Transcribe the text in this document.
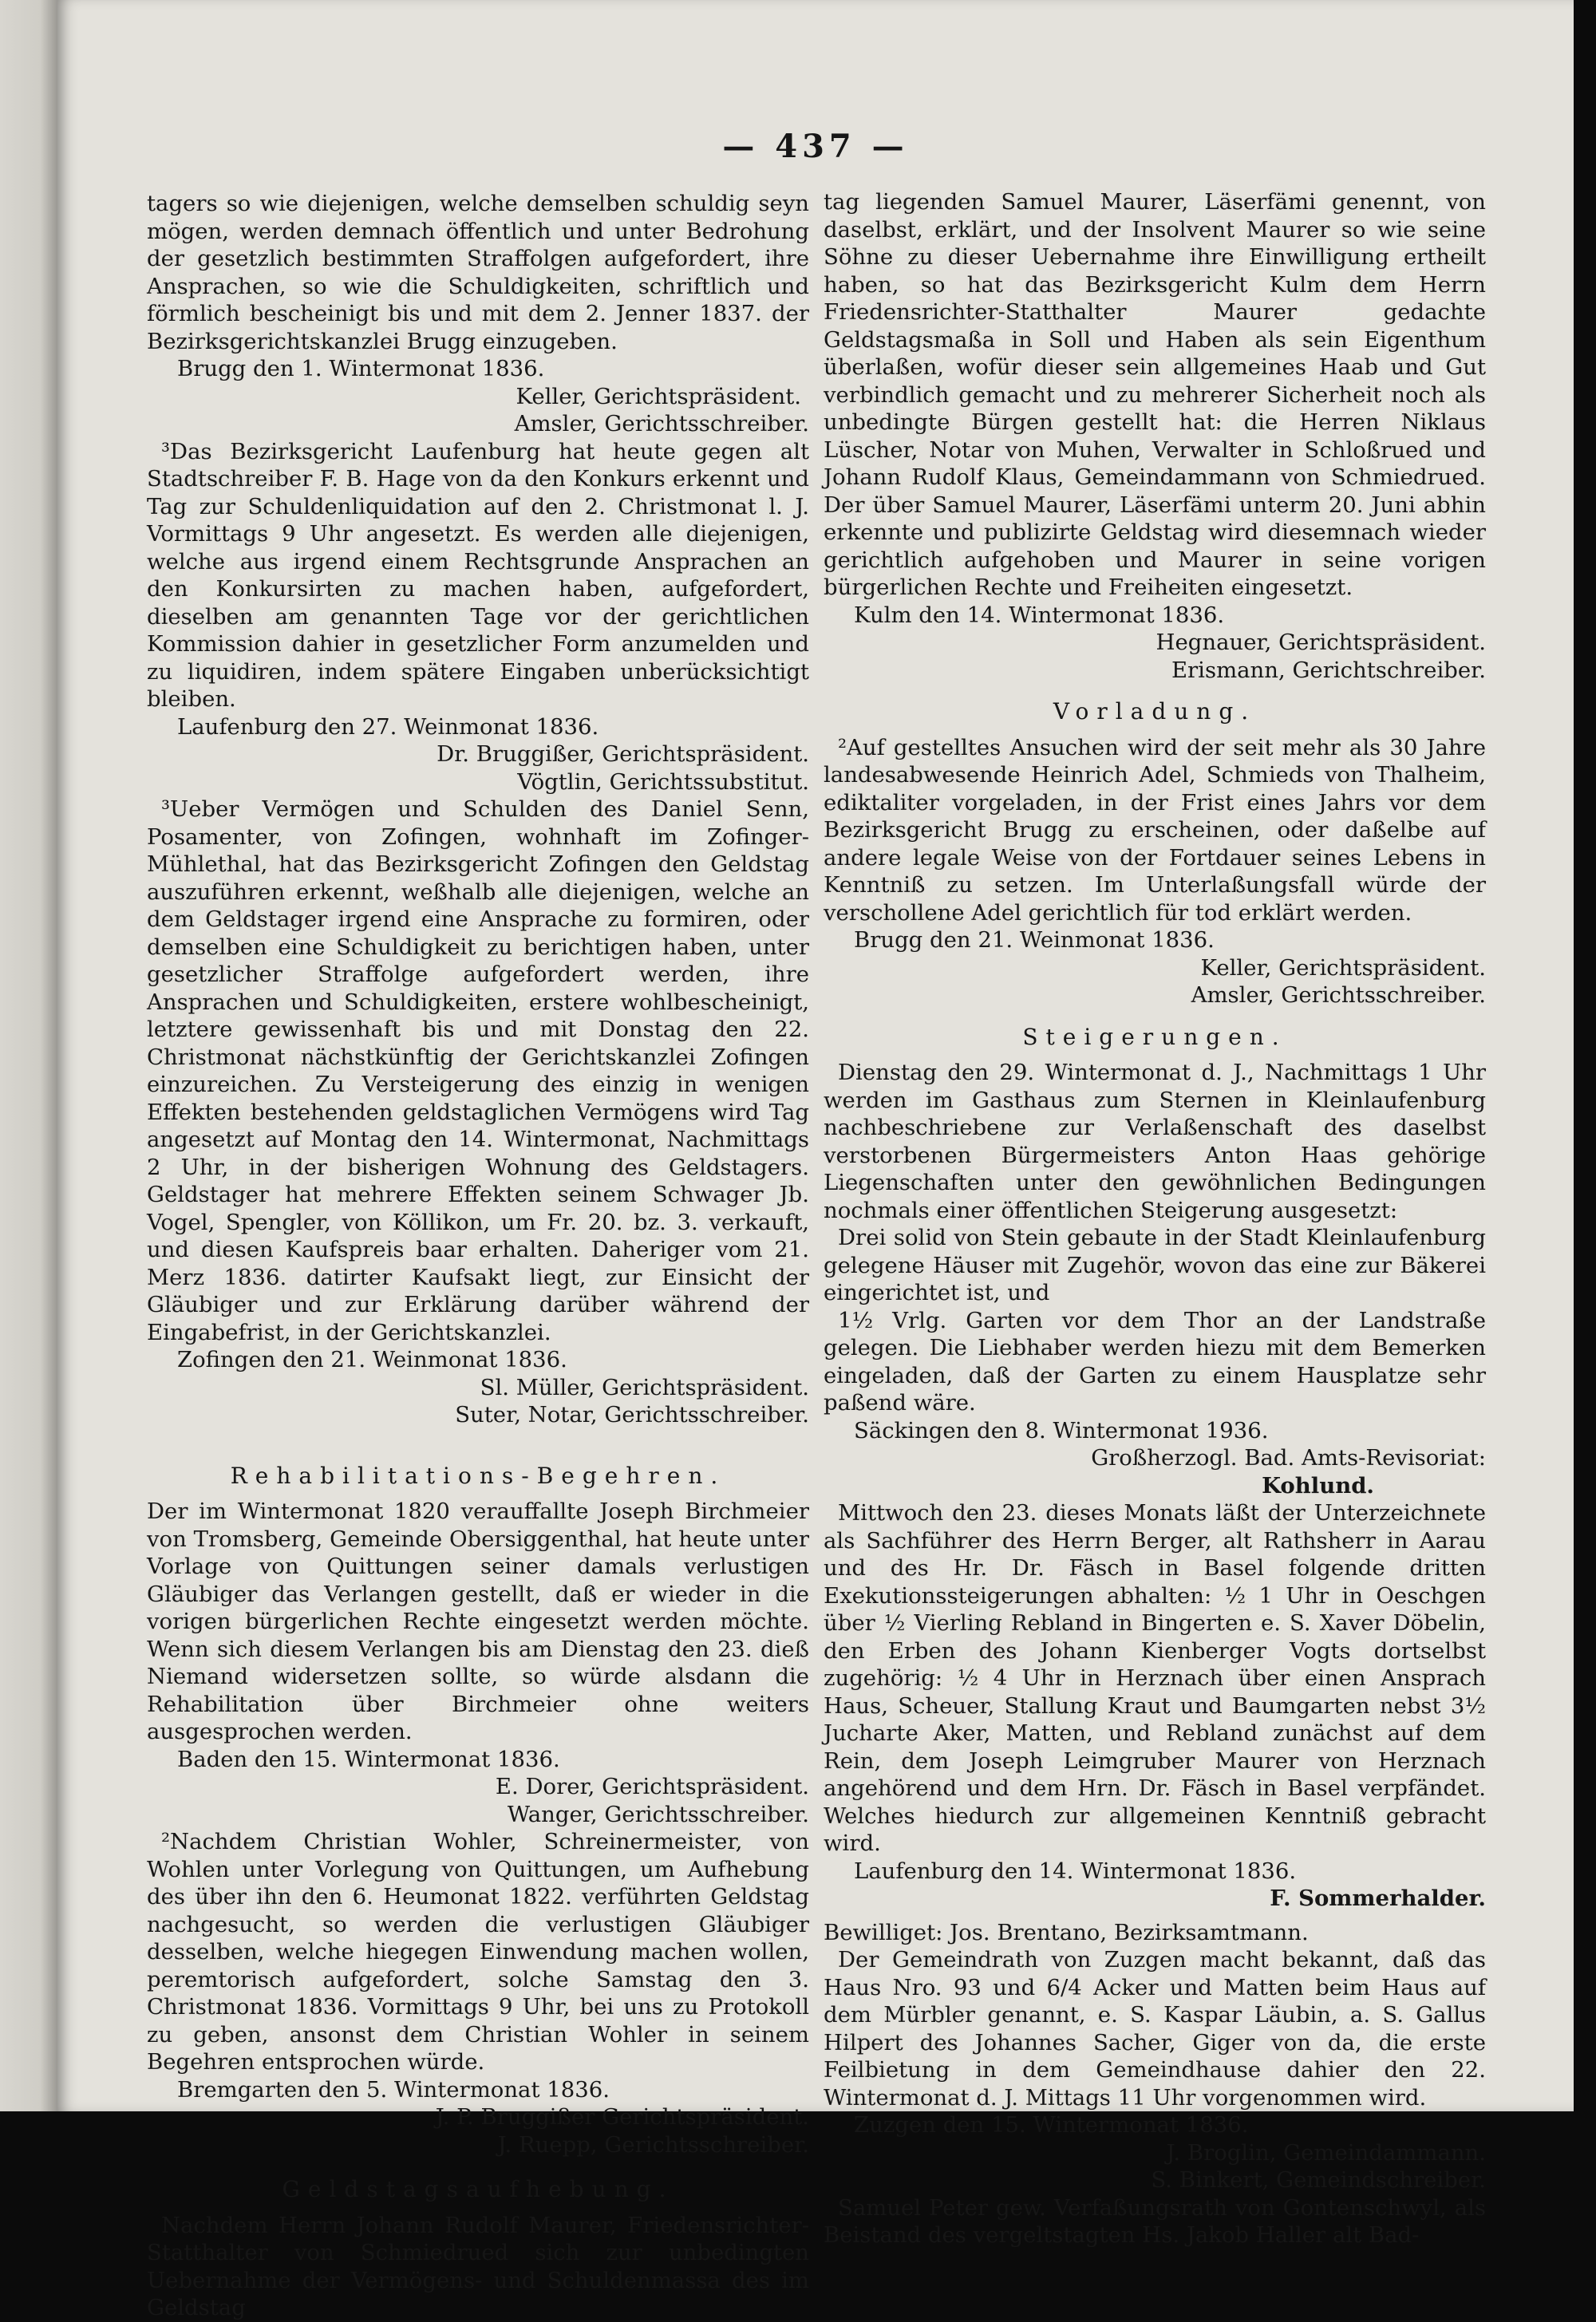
— 437 —

tagers so wie diejenigen, welche demselben schuldig seyn mögen, werden demnach öffentlich und unter Bedrohung der gesetzlich bestimmten Straffolgen aufgefordert, ihre Ansprachen, so wie die Schuldigkeiten, schriftlich und förmlich bescheinigt bis und mit dem 2. Jenner 1837. der Bezirksgerichtskanzlei Brugg einzugeben.

Brugg den 1. Wintermonat 1836.

Keller, Gerichtspräsident.

Amsler, Gerichtsschreiber.

³Das Bezirksgericht Laufenburg hat heute gegen alt Stadtschreiber F. B. Hage von da den Konkurs erkennt und Tag zur Schuldenliquidation auf den 2. Christmonat l. J. Vormittags 9 Uhr angesetzt. Es werden alle diejenigen, welche aus irgend einem Rechtsgrunde Ansprachen an den Konkursirten zu machen haben, aufgefordert, dieselben am genannten Tage vor der gerichtlichen Kommission dahier in gesetzlicher Form anzumelden und zu liquidiren, indem spätere Eingaben unberücksichtigt bleiben.

Laufenburg den 27. Weinmonat 1836.

Dr. Bruggißer, Gerichtspräsident.

Vögtlin, Gerichtssubstitut.

³Ueber Vermögen und Schulden des Daniel Senn, Posamenter, von Zofingen, wohnhaft im Zofinger-Mühlethal, hat das Bezirksgericht Zofingen den Geldstag auszuführen erkennt, weßhalb alle diejenigen, welche an dem Geldstager irgend eine Ansprache zu formiren, oder demselben eine Schuldigkeit zu berichtigen haben, unter gesetzlicher Straffolge aufgefordert werden, ihre Ansprachen und Schuldigkeiten, erstere wohlbescheinigt, letztere gewissenhaft bis und mit Donstag den 22. Christmonat nächstkünftig der Gerichtskanzlei Zofingen einzureichen. Zu Versteigerung des einzig in wenigen Effekten bestehenden geldstaglichen Vermögens wird Tag angesetzt auf Montag den 14. Wintermonat, Nachmittags 2 Uhr, in der bisherigen Wohnung des Geldstagers. Geldstager hat mehrere Effekten seinem Schwager Jb. Vogel, Spengler, von Köllikon, um Fr. 20. bz. 3. verkauft, und diesen Kaufspreis baar erhalten. Daheriger vom 21. Merz 1836. datirter Kaufsakt liegt, zur Einsicht der Gläubiger und zur Erklärung darüber während der Eingabefrist, in der Gerichtskanzlei.

Zofingen den 21. Weinmonat 1836.

Sl. Müller, Gerichtspräsident.

Suter, Notar, Gerichtsschreiber.

Rehabilitations-Begehren.

Der im Wintermonat 1820 verauffallte Joseph Birchmeier von Tromsberg, Gemeinde Obersiggenthal, hat heute unter Vorlage von Quittungen seiner damals verlustigen Gläubiger das Verlangen gestellt, daß er wieder in die vorigen bürgerlichen Rechte eingesetzt werden möchte. Wenn sich diesem Verlangen bis am Dienstag den 23. dieß Niemand widersetzen sollte, so würde alsdann die Rehabilitation über Birchmeier ohne weiters ausgesprochen werden.

Baden den 15. Wintermonat 1836.

E. Dorer, Gerichtspräsident.

Wanger, Gerichtsschreiber.

²Nachdem Christian Wohler, Schreinermeister, von Wohlen unter Vorlegung von Quittungen, um Aufhebung des über ihn den 6. Heumonat 1822. verführten Geldstag nachgesucht, so werden die verlustigen Gläubiger desselben, welche hiegegen Einwendung machen wollen, peremtorisch aufgefordert, solche Samstag den 3. Christmonat 1836. Vormittags 9 Uhr, bei uns zu Protokoll zu geben, ansonst dem Christian Wohler in seinem Begehren entsprochen würde.

Bremgarten den 5. Wintermonat 1836.

J. P. Bruggißer Gerichtspräsident.

J. Ruepp, Gerichtsschreiber.

Geldstagsaufhebung.

Nachdem Herrn Johann Rudolf Maurer, Friedensrichter-Statthalter von Schmiedrued sich zur unbedingten Uebernahme der Vermögens- und Schuldenmassa des im Geldstag

tag liegenden Samuel Maurer, Läserfämi genennt, von daselbst, erklärt, und der Insolvent Maurer so wie seine Söhne zu dieser Uebernahme ihre Einwilligung ertheilt haben, so hat das Bezirksgericht Kulm dem Herrn Friedensrichter-Statthalter Maurer gedachte Geldstagsmaßa in Soll und Haben als sein Eigenthum überlaßen, wofür dieser sein allgemeines Haab und Gut verbindlich gemacht und zu mehrerer Sicherheit noch als unbedingte Bürgen gestellt hat: die Herren Niklaus Lüscher, Notar von Muhen, Verwalter in Schloßrued und Johann Rudolf Klaus, Gemeindammann von Schmiedrued. Der über Samuel Maurer, Läserfämi unterm 20. Juni abhin erkennte und publizirte Geldstag wird diesemnach wieder gerichtlich aufgehoben und Maurer in seine vorigen bürgerlichen Rechte und Freiheiten eingesetzt.

Kulm den 14. Wintermonat 1836.

Hegnauer, Gerichtspräsident.

Erismann, Gerichtschreiber.

Vorladung.

²Auf gestelltes Ansuchen wird der seit mehr als 30 Jahre landesabwesende Heinrich Adel, Schmieds von Thalheim, ediktaliter vorgeladen, in der Frist eines Jahrs vor dem Bezirksgericht Brugg zu erscheinen, oder daßelbe auf andere legale Weise von der Fortdauer seines Lebens in Kenntniß zu setzen. Im Unterlaßungsfall würde der verschollene Adel gerichtlich für tod erklärt werden.

Brugg den 21. Weinmonat 1836.

Keller, Gerichtspräsident.

Amsler, Gerichtsschreiber.

Steigerungen.

Dienstag den 29. Wintermonat d. J., Nachmittags 1 Uhr werden im Gasthaus zum Sternen in Kleinlaufenburg nachbeschriebene zur Verlaßenschaft des daselbst verstorbenen Bürgermeisters Anton Haas gehörige Liegenschaften unter den gewöhnlichen Bedingungen nochmals einer öffentlichen Steigerung ausgesetzt:

Drei solid von Stein gebaute in der Stadt Kleinlaufenburg gelegene Häuser mit Zugehör, wovon das eine zur Bäkerei eingerichtet ist, und

1½ Vrlg. Garten vor dem Thor an der Landstraße gelegen. Die Liebhaber werden hiezu mit dem Bemerken eingeladen, daß der Garten zu einem Hausplatze sehr paßend wäre.

Säckingen den 8. Wintermonat 1936.

Großherzogl. Bad. Amts-Revisoriat:

Kohlund.

Mittwoch den 23. dieses Monats läßt der Unterzeichnete als Sachführer des Herrn Berger, alt Rathsherr in Aarau und des Hr. Dr. Fäsch in Basel folgende dritten Exekutionssteigerungen abhalten: ½ 1 Uhr in Oeschgen über ½ Vierling Rebland in Bingerten e. S. Xaver Döbelin, den Erben des Johann Kienberger Vogts dortselbst zugehörig: ½ 4 Uhr in Herznach über einen Ansprach Haus, Scheuer, Stallung Kraut und Baumgarten nebst 3½ Jucharte Aker, Matten, und Rebland zunächst auf dem Rein, dem Joseph Leimgruber Maurer von Herznach angehörend und dem Hrn. Dr. Fäsch in Basel verpfändet. Welches hiedurch zur allgemeinen Kenntniß gebracht wird.

Laufenburg den 14. Wintermonat 1836.

F. Sommerhalder.

Bewilliget: Jos. Brentano, Bezirksamtmann.

Der Gemeindrath von Zuzgen macht bekannt, daß das Haus Nro. 93 und 6/4 Acker und Matten beim Haus auf dem Mürbler genannt, e. S. Kaspar Läubin, a. S. Gallus Hilpert des Johannes Sacher, Giger von da, die erste Feilbietung in dem Gemeindhause dahier den 22. Wintermonat d. J. Mittags 11 Uhr vorgenommen wird.

Zuzgen den 15. Wintermonat 1836.

J. Broglin, Gemeindammann.

S. Binkert, Gemeindschreiber.

Samuel Peter gew. Verfaßungsrath von Gontenschwyl, als Beistand des vergeltstagten Hs. Jakob Haller alt Bad-
